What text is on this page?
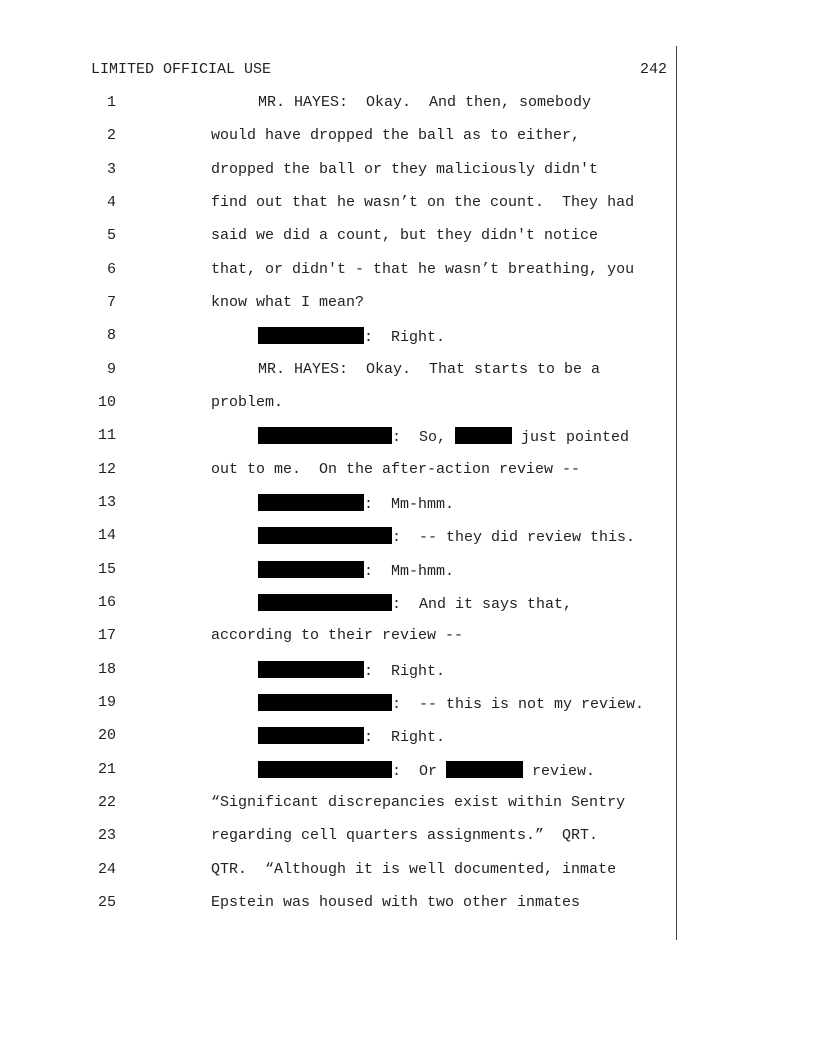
LIMITED OFFICIAL USE	242
1	MR. HAYES:  Okay.  And then, somebody
2	would have dropped the ball as to either,
3	dropped the ball or they maliciously didn't
4	find out that he wasn’t on the count.  They had
5	said we did a count, but they didn't notice
6	that, or didn't - that he wasn’t breathing, you
7	know what I mean?
8	:  Right.
9	MR. HAYES:  Okay.  That starts to be a
10	problem.
11	:  So,	just pointed
12	out to me.  On the after-action review --
13	:  Mm-hmm.
14	:  -- they did review this.
15	:  Mm-hmm.
16	:  And it says that,
17	according to their review --
18	:  Right.
19	:  -- this is not my review.
20	:  Right.
21	:  Or	review.
22	“Significant discrepancies exist within Sentry
23	regarding cell quarters assignments.”  QRT.
24	QTR.  “Although it is well documented, inmate
25	Epstein was housed with two other inmates
